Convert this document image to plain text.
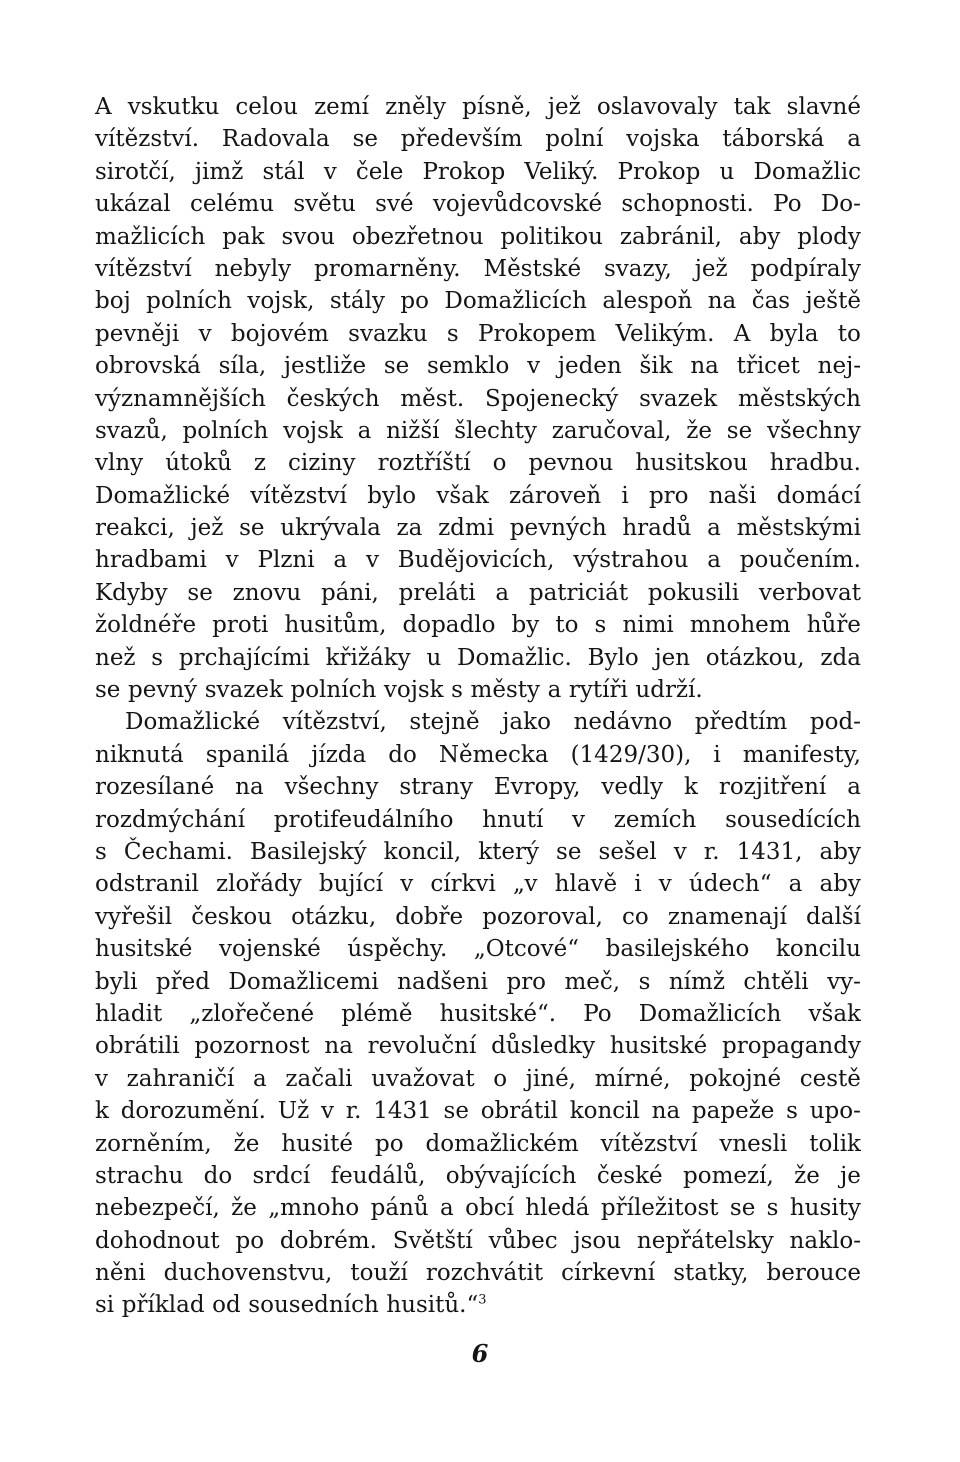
A vskutku celou zemí zněly písně, jež oslavovaly tak slavné
vítězství. Radovala se především polní vojska táborská a
sirotčí, jimž stál v čele Prokop Veliký. Prokop u Domažlic
ukázal celému světu své vojevůdcovské schopnosti. Po Do-
mažlicích pak svou obezřetnou politikou zabránil, aby plody
vítězství nebyly promarněny. Městské svazy, jež podpíraly
boj polních vojsk, stály po Domažlicích alespoň na čas ještě
pevněji v bojovém svazku s Prokopem Velikým. A byla to
obrovská síla, jestliže se semklo v jeden šik na třicet nej-
významnějších českých měst. Spojenecký svazek městských
svazů, polních vojsk a nižší šlechty zaručoval, že se všechny
vlny útoků z ciziny roztříští o pevnou husitskou hradbu.
Domažlické vítězství bylo však zároveň i pro naši domácí
reakci, jež se ukrývala za zdmi pevných hradů a městskými
hradbami v Plzni a v Budějovicích, výstrahou a poučením.
Kdyby se znovu páni, preláti a patriciát pokusili verbovat
žoldnéře proti husitům, dopadlo by to s nimi mnohem hůře
než s prchajícími křižáky u Domažlic. Bylo jen otázkou, zda
se pevný svazek polních vojsk s městy a rytíři udrží.
Domažlické vítězství, stejně jako nedávno předtím pod-
niknutá spanilá jízda do Německa (1429/30), i manifesty,
rozesílané na všechny strany Evropy, vedly k rozjitření a
rozdmýchání protifeudálního hnutí v zemích sousedících
s Čechami. Basilejský koncil, který se sešel v r. 1431, aby
odstranil zlořády bující v církvi „v hlavě i v údech“ a aby
vyřešil českou otázku, dobře pozoroval, co znamenají další
husitské vojenské úspěchy. „Otcové“ basilejského koncilu
byli před Domažlicemi nadšeni pro meč, s nímž chtěli vy-
hladit „zlořečené plémě husitské“. Po Domažlicích však
obrátili pozornost na revoluční důsledky husitské propagandy
v zahraničí a začali uvažovat o jiné, mírné, pokojné cestě
k dorozumění. Už v r. 1431 se obrátil koncil na papeže s upo-
zorněním, že husité po domažlickém vítězství vnesli tolik
strachu do srdcí feudálů, obývajících české pomezí, že je
nebezpečí, že „mnoho pánů a obcí hledá příležitost se s husity
dohodnout po dobrém. Světští vůbec jsou nepřátelsky naklo-
něni duchovenstvu, touží rozchvátit církevní statky, berouce
si příklad od sousedních husitů.“$^3$
6
